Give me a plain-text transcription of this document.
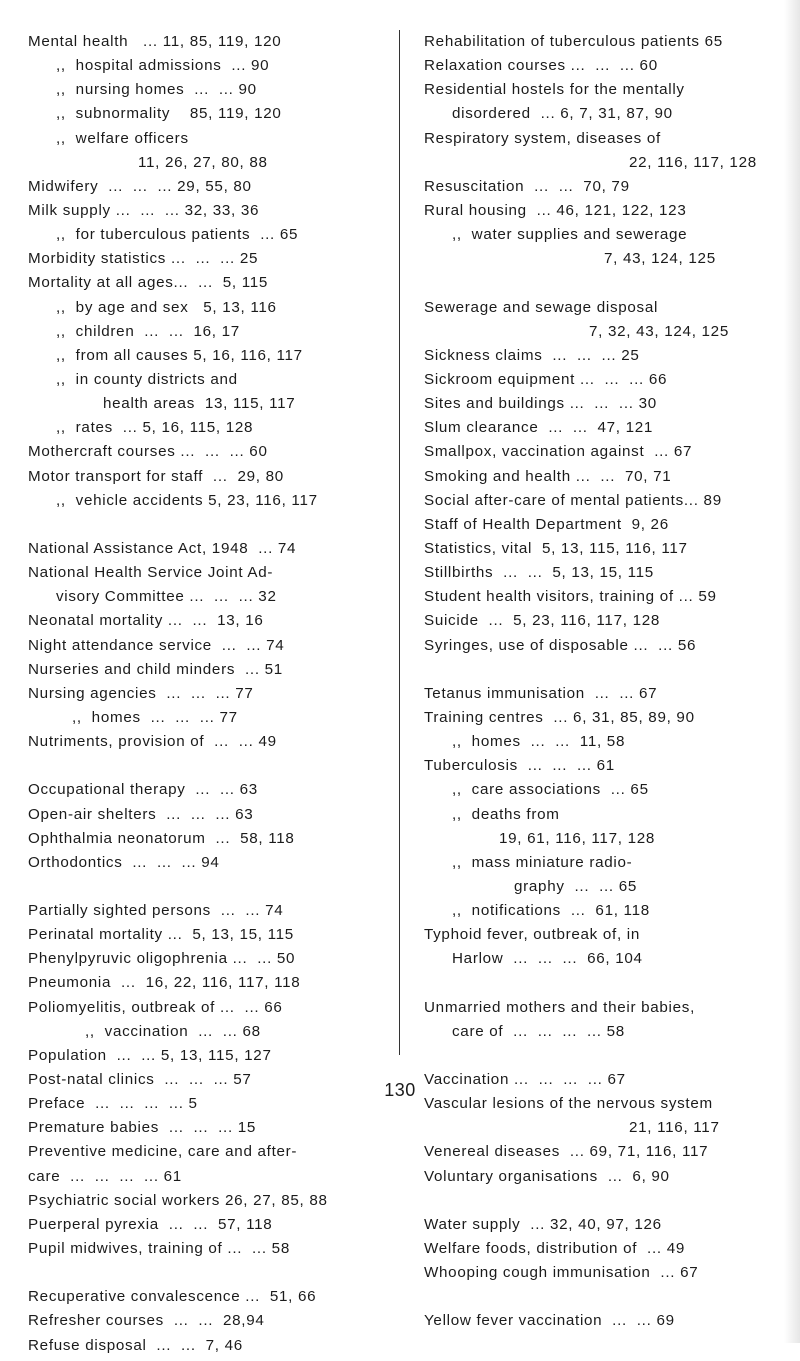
Mental health   ... 11, 85, 119, 120
,,  hospital admissions  ... 90
,,  nursing homes  ...  ... 90
,,  subnormality    85, 119, 120
,,  welfare officers
11, 26, 27, 80, 88
Midwifery  ...  ...  ... 29, 55, 80
Milk supply ...  ...  ... 32, 33, 36
,,  for tuberculous patients  ... 65
Morbidity statistics ...  ...  ... 25
Mortality at all ages...  ...  5, 115
,,  by age and sex   5, 13, 116
,,  children  ...  ...  16, 17
,,  from all causes 5, 16, 116, 117
,,  in county districts and
health areas  13, 115, 117
,,  rates  ... 5, 16, 115, 128
Mothercraft courses ...  ...  ... 60
Motor transport for staff  ...  29, 80
,,  vehicle accidents 5, 23, 116, 117
National Assistance Act, 1948  ... 74
National Health Service Joint Ad-
visory Committee ...  ...  ... 32
Neonatal mortality ...  ...  13, 16
Night attendance service  ...  ... 74
Nurseries and child minders  ... 51
Nursing agencies  ...  ...  ... 77
,,  homes  ...  ...  ... 77
Nutriments, provision of  ...  ... 49
Occupational therapy  ...  ... 63
Open-air shelters  ...  ...  ... 63
Ophthalmia neonatorum  ...  58, 118
Orthodontics  ...  ...  ... 94
Partially sighted persons  ...  ... 74
Perinatal mortality ...  5, 13, 15, 115
Phenylpyruvic oligophrenia ...  ... 50
Pneumonia  ...  16, 22, 116, 117, 118
Poliomyelitis, outbreak of ...  ... 66
,,  vaccination  ...  ... 68
Population  ...  ... 5, 13, 115, 127
Post-natal clinics  ...  ...  ... 57
Preface  ...  ...  ...  ... 5
Premature babies  ...  ...  ... 15
Preventive medicine, care and after-
care  ...  ...  ...  ... 61
Psychiatric social workers 26, 27, 85, 88
Puerperal pyrexia  ...  ...  57, 118
Pupil midwives, training of ...  ... 58
Recuperative convalescence ...  51, 66
Refresher courses  ...  ...  28,94
Refuse disposal  ...  ...  7, 46
Rehabilitation of tuberculous patients 65
Relaxation courses ...  ...  ... 60
Residential hostels for the mentally
disordered  ... 6, 7, 31, 87, 90
Respiratory system, diseases of
22, 116, 117, 128
Resuscitation  ...  ...  70, 79
Rural housing  ... 46, 121, 122, 123
,,  water supplies and sewerage
7, 43, 124, 125
Sewerage and sewage disposal
7, 32, 43, 124, 125
Sickness claims  ...  ...  ... 25
Sickroom equipment ...  ...  ... 66
Sites and buildings ...  ...  ... 30
Slum clearance  ...  ...  47, 121
Smallpox, vaccination against  ... 67
Smoking and health ...  ...  70, 71
Social after-care of mental patients... 89
Staff of Health Department  9, 26
Statistics, vital  5, 13, 115, 116, 117
Stillbirths  ...  ...  5, 13, 15, 115
Student health visitors, training of ... 59
Suicide  ...  5, 23, 116, 117, 128
Syringes, use of disposable ...  ... 56
Tetanus immunisation  ...  ... 67
Training centres  ... 6, 31, 85, 89, 90
,,  homes  ...  ...  11, 58
Tuberculosis  ...  ...  ... 61
,,  care associations  ... 65
,,  deaths from
19, 61, 116, 117, 128
,,  mass miniature radio-
graphy  ...  ... 65
,,  notifications  ...  61, 118
Typhoid fever, outbreak of, in
Harlow  ...  ...  ...  66, 104
Unmarried mothers and their babies,
care of  ...  ...  ...  ... 58
Vaccination ...  ...  ...  ... 67
Vascular lesions of the nervous system
21, 116, 117
Venereal diseases  ... 69, 71, 116, 117
Voluntary organisations  ...  6, 90
Water supply  ... 32, 40, 97, 126
Welfare foods, distribution of  ... 49
Whooping cough immunisation  ... 67
Yellow fever vaccination  ...  ... 69
130
